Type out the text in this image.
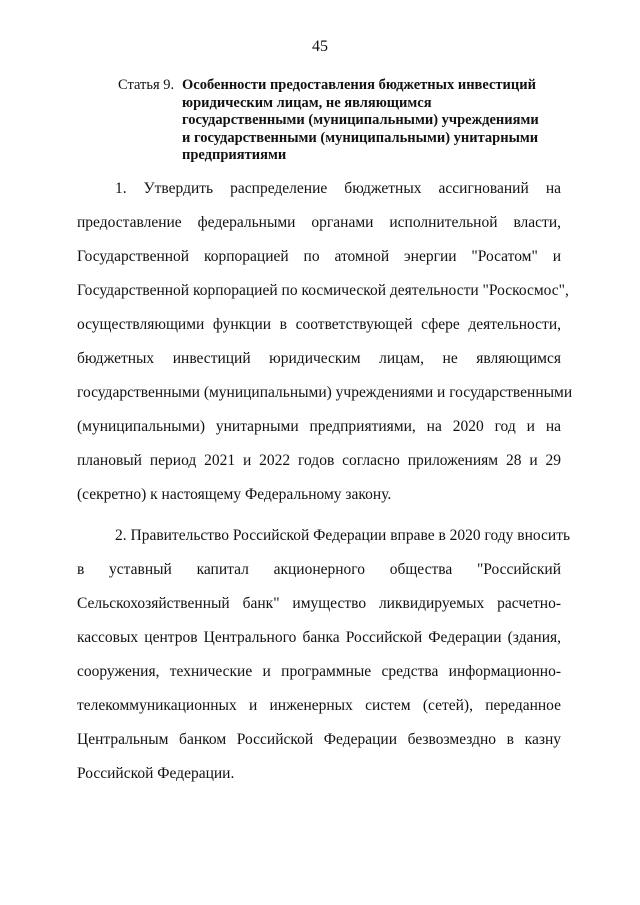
45
Статья 9. Особенности предоставления бюджетных инвестиций
юридическим лицам, не являющимся
государственными (муниципальными) учреждениями
и государственными (муниципальными) унитарными
предприятиями
1. Утвердить распределение бюджетных ассигнований на
предоставление федеральными органами исполнительной власти,
Государственной корпорацией по атомной энергии "Росатом" и
Государственной корпорацией по космической деятельности "Роскосмос",
осуществляющими функции в соответствующей сфере деятельности,
бюджетных инвестиций юридическим лицам, не являющимся
государственными (муниципальными) учреждениями и государственными
(муниципальными) унитарными предприятиями, на 2020 год и на
плановый период 2021 и 2022 годов согласно приложениям 28 и 29
(секретно) к настоящему Федеральному закону.
2. Правительство Российской Федерации вправе в 2020 году вносить
в уставный капитал акционерного общества "Российский
Сельскохозяйственный банк" имущество ликвидируемых расчетно-
кассовых центров Центрального банка Российской Федерации (здания,
сооружения, технические и программные средства информационно-
телекоммуникационных и инженерных систем (сетей), переданное
Центральным банком Российской Федерации безвозмездно в казну
Российской Федерации.
